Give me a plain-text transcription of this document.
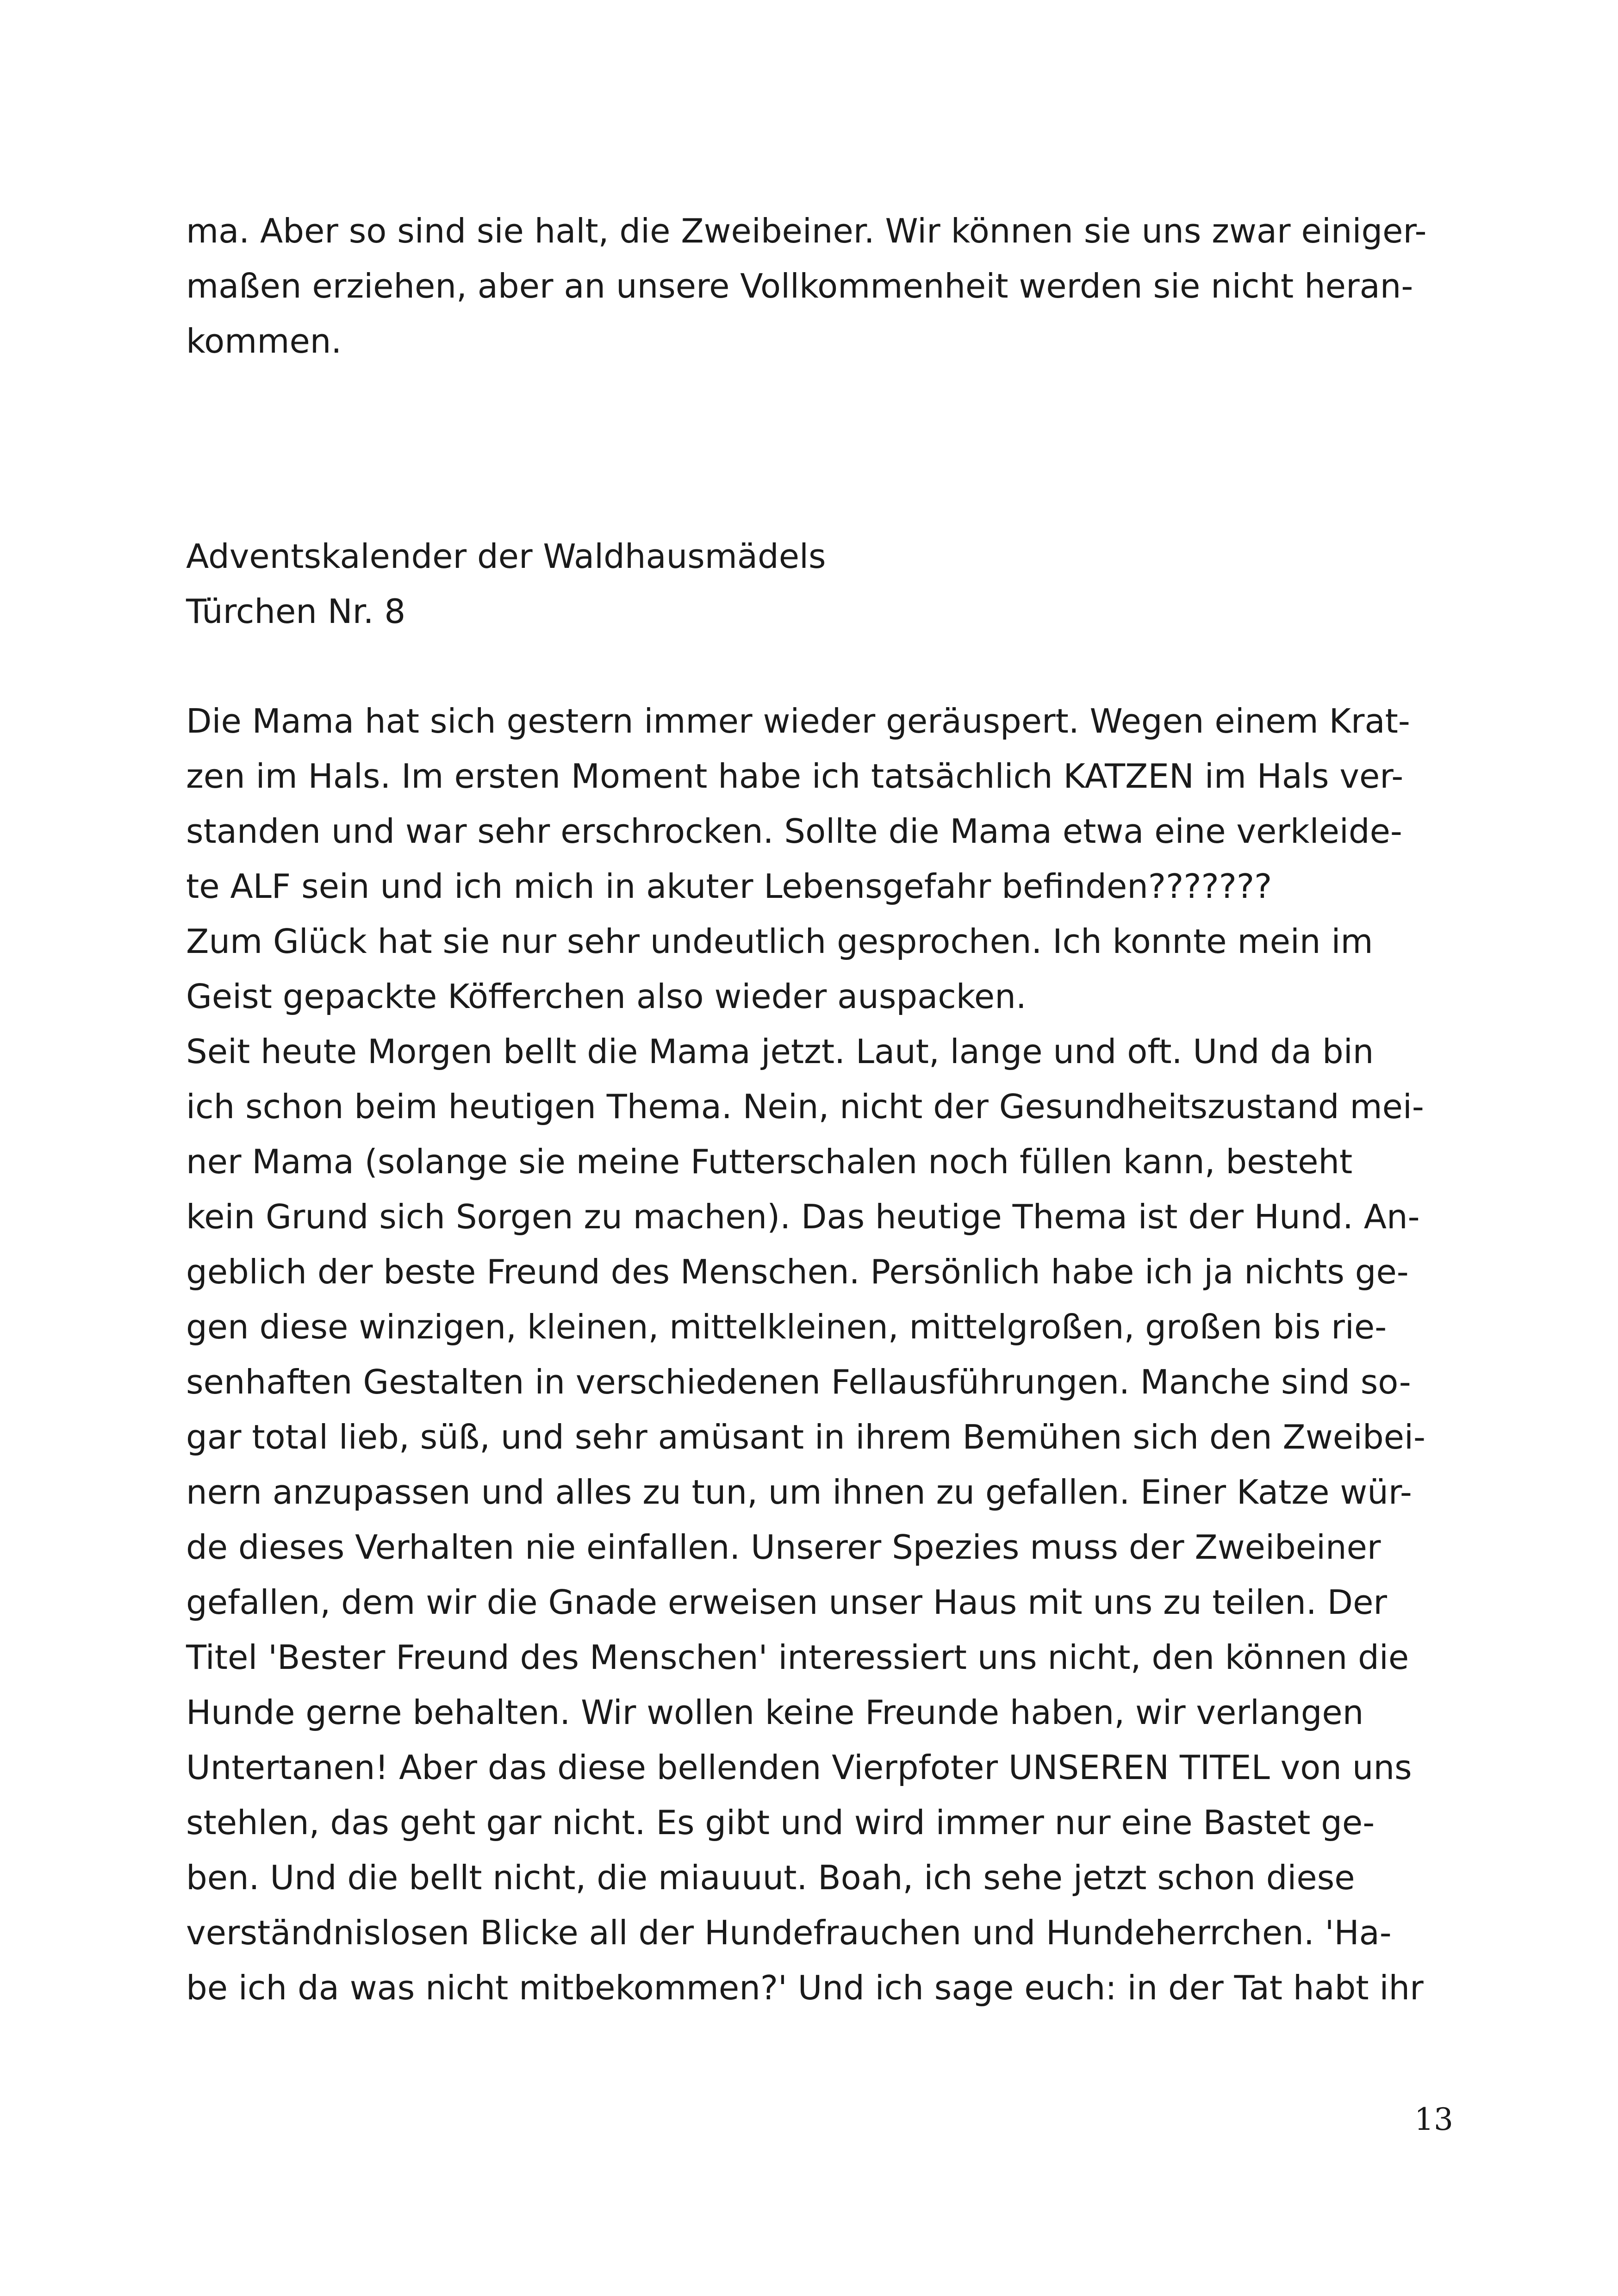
ma. Aber so sind sie halt, die Zweibeiner. Wir können sie uns zwar einiger-
maßen erziehen, aber an unsere Vollkommenheit werden sie nicht heran-
kommen.
Adventskalender der Waldhausmädels
Türchen Nr. 8
Die Mama hat sich gestern immer wieder geräuspert. Wegen einem Krat-
zen im Hals. Im ersten Moment habe ich tatsächlich KATZEN im Hals ver-
standen und war sehr erschrocken. Sollte die Mama etwa eine verkleide-
te ALF sein und ich mich in akuter Lebensgefahr befinden???????
Zum Glück hat sie nur sehr undeutlich gesprochen. Ich konnte mein im
Geist gepackte Köfferchen also wieder auspacken.
Seit heute Morgen bellt die Mama jetzt. Laut, lange und oft. Und da bin
ich schon beim heutigen Thema. Nein, nicht der Gesundheitszustand mei-
ner Mama (solange sie meine Futterschalen noch füllen kann, besteht
kein Grund sich Sorgen zu machen). Das heutige Thema ist der Hund. An-
geblich der beste Freund des Menschen. Persönlich habe ich ja nichts ge-
gen diese winzigen, kleinen, mittelkleinen, mittelgroßen, großen bis rie-
senhaften Gestalten in verschiedenen Fellausführungen. Manche sind so-
gar total lieb, süß, und sehr amüsant in ihrem Bemühen sich den Zweibei-
nern anzupassen und alles zu tun, um ihnen zu gefallen. Einer Katze wür-
de dieses Verhalten nie einfallen. Unserer Spezies muss der Zweibeiner
gefallen, dem wir die Gnade erweisen unser Haus mit uns zu teilen. Der
Titel 'Bester Freund des Menschen' interessiert uns nicht, den können die
Hunde gerne behalten. Wir wollen keine Freunde haben, wir verlangen
Untertanen! Aber das diese bellenden Vierpfoter UNSEREN TITEL von uns
stehlen, das geht gar nicht. Es gibt und wird immer nur eine Bastet ge-
ben. Und die bellt nicht, die miauuut. Boah, ich sehe jetzt schon diese
verständnislosen Blicke all der Hundefrauchen und Hundeherrchen. 'Ha-
be ich da was nicht mitbekommen?' Und ich sage euch: in der Tat habt ihr
13
